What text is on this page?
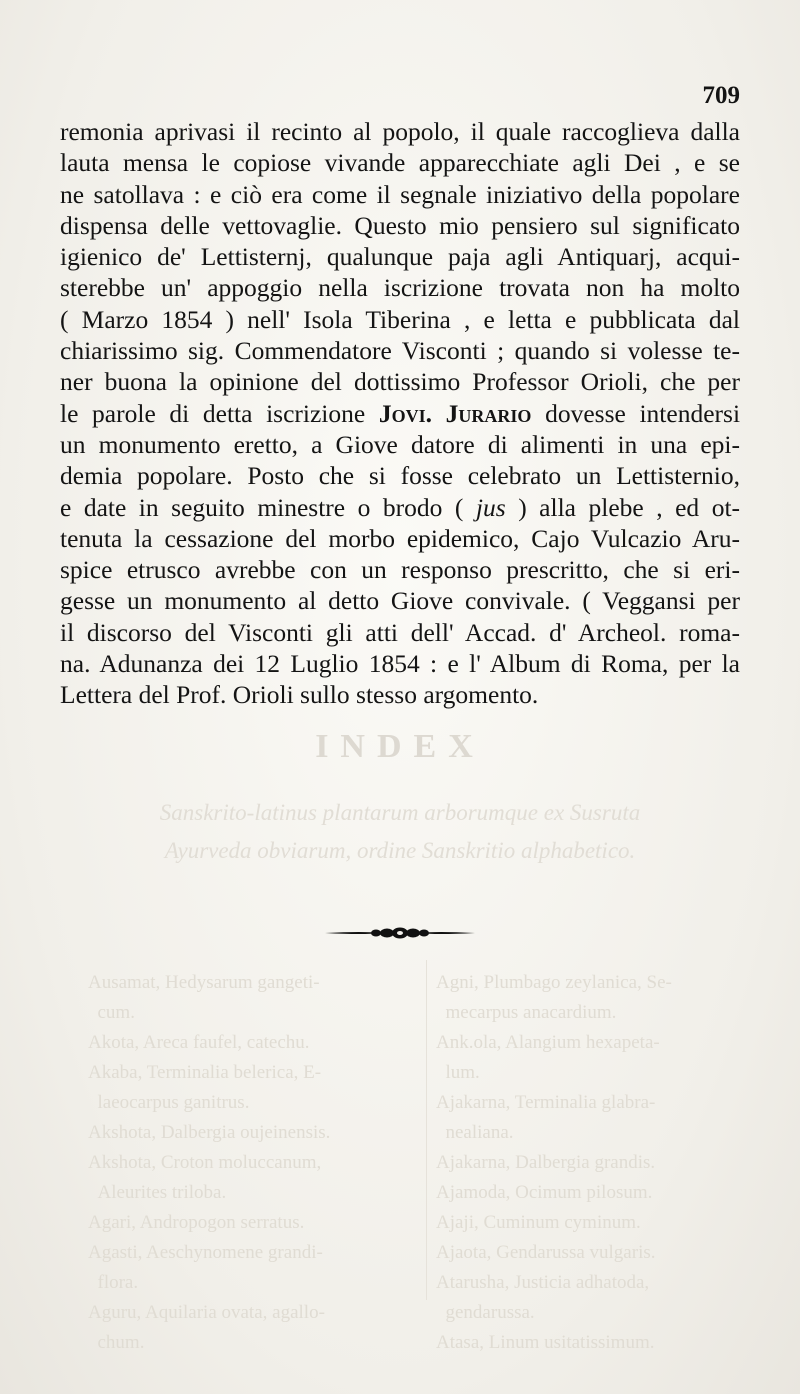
INDEX
Sanskrito-latinus plantarum arborumque ex Susruta
Ayurveda obviarum, ordine Sanskritio alphabetico.
Ausamat, Hedysarum gangeti-
cum.
Akota, Areca faufel, catechu.
Akaba, Terminalia belerica, E-
laeocarpus ganitrus.
Akshota, Dalbergia oujeinensis.
Akshota, Croton moluccanum,
Aleurites triloba.
Agari, Andropogon serratus.
Agasti, Aeschynomene grandi-
flora.
Aguru, Aquilaria ovata, agallo-
chum.
Agni, Plumbago zeylanica, Se-
mecarpus anacardium.
Ank.ola, Alangium hexapeta-
lum.
Ajakarna, Terminalia glabra-
nealiana.
Ajakarna, Dalbergia grandis.
Ajamoda, Ocimum pilosum.
Ajaji, Cuminum cyminum.
Ajaota, Gendarussa vulgaris.
Atarusha, Justicia adhatoda,
gendarussa.
Atasa, Linum usitatissimum.
709
remonia aprivasi il recinto al popolo, il quale raccoglieva dalla
lauta mensa le copiose vivande apparecchiate agli Dei , e se
ne satollava : e ciò era come il segnale iniziativo della popolare
dispensa delle vettovaglie. Questo mio pensiero sul significato
igienico de' Lettisternj, qualunque paja agli Antiquarj, acqui-
sterebbe un' appoggio nella iscrizione trovata non ha molto
( Marzo 1854 ) nell' Isola Tiberina , e letta e pubblicata dal
chiarissimo sig. Commendatore Visconti ; quando si volesse te-
ner buona la opinione del dottissimo Professor Orioli, che per
le parole di detta iscrizione Jovi. Jurario dovesse intendersi
un monumento eretto, a Giove datore di alimenti in una epi-
demia popolare. Posto che si fosse celebrato un Lettisternio,
e date in seguito minestre o brodo ( jus ) alla plebe , ed ot-
tenuta la cessazione del morbo epidemico, Cajo Vulcazio Aru-
spice etrusco avrebbe con un responso prescritto, che si eri-
gesse un monumento al detto Giove convivale. ( Veggansi per
il discorso del Visconti gli atti dell' Accad. d' Archeol. roma-
na. Adunanza dei 12 Luglio 1854 : e l' Album di Roma, per la
Lettera del Prof. Orioli sullo stesso argomento.
